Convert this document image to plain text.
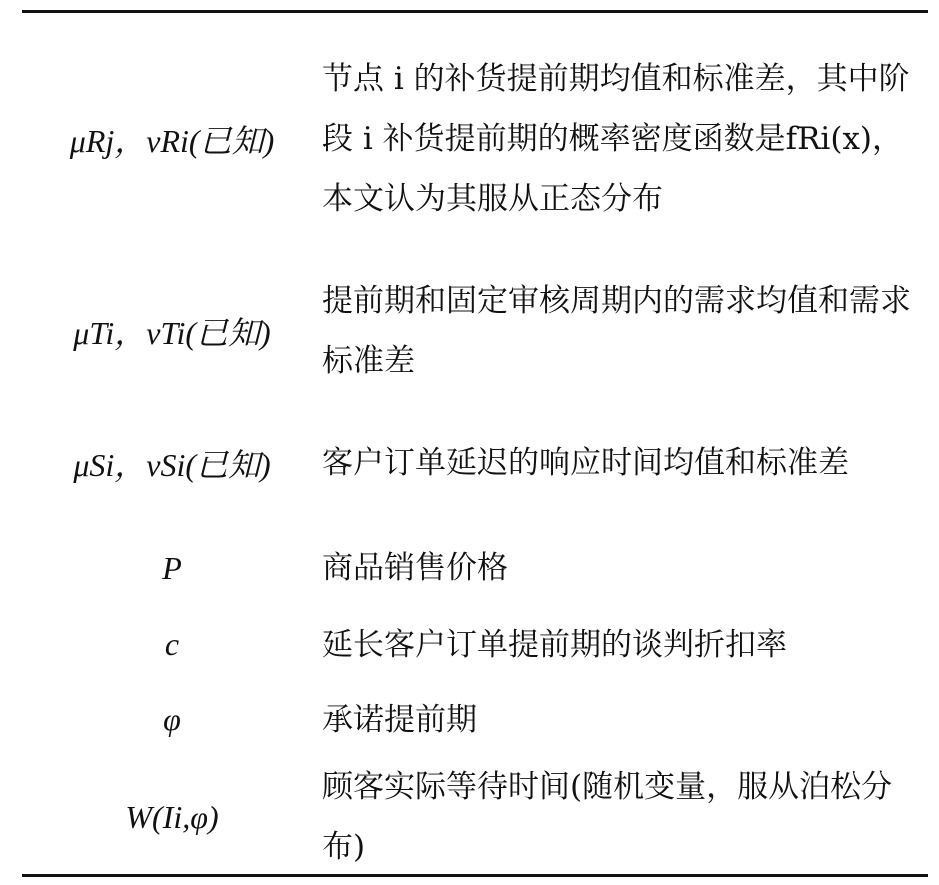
μRj，vRi(已知)	节点 i 的补货提前期均值和标准差，其中阶段 i 补货提前期的概率密度函数是fRi(x)，本文认为其服从正态分布
μTi，vTi(已知)	提前期和固定审核周期内的需求均值和需求标准差
μSi，vSi(已知)	客户订单延迟的响应时间均值和标准差
P	商品销售价格
c	延长客户订单提前期的谈判折扣率
φ	承诺提前期
W(Ii,φ)	顾客实际等待时间(随机变量，服从泊松分布)
